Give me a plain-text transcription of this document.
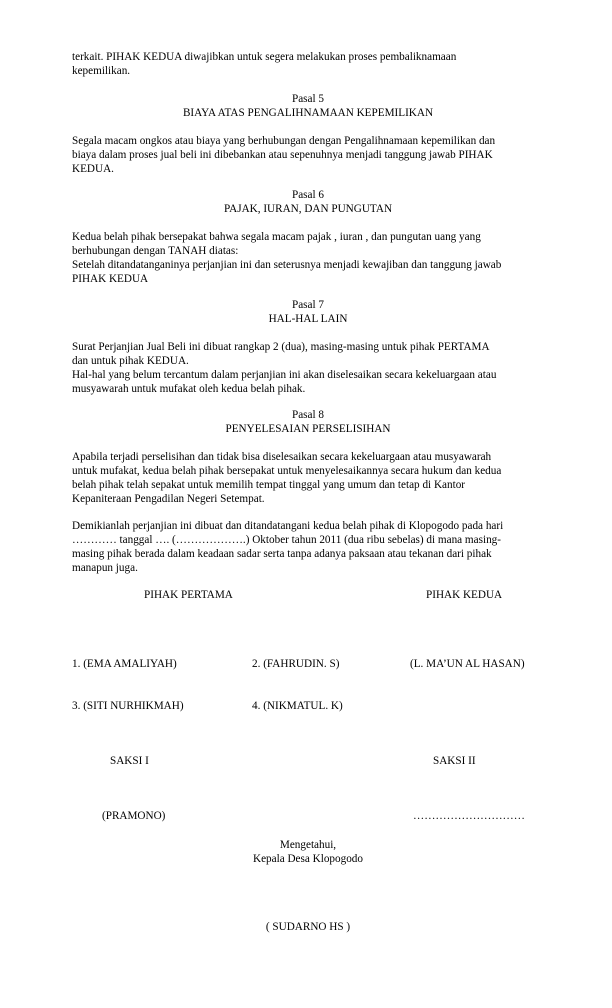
terkait. PIHAK KEDUA diwajibkan untuk segera melakukan proses pembaliknamaan
kepemilikan.

Pasal 5

BIAYA ATAS PENGALIHNAMAAN KEPEMILIKAN

Segala macam ongkos atau biaya yang berhubungan dengan Pengalihnamaan kepemilikan dan
biaya dalam proses jual beli ini dibebankan atau sepenuhnya menjadi tanggung jawab PIHAK
KEDUA.

Pasal 6

PAJAK, IURAN, DAN PUNGUTAN

Kedua belah pihak bersepakat bahwa segala macam pajak , iuran , dan pungutan uang yang
berhubungan dengan TANAH diatas:
Setelah ditandatanganinya perjanjian ini dan seterusnya menjadi kewajiban dan tanggung jawab
PIHAK KEDUA

Pasal 7

HAL-HAL LAIN

Surat Perjanjian Jual Beli ini dibuat rangkap 2 (dua), masing-masing untuk pihak PERTAMA
dan untuk pihak KEDUA.
Hal-hal yang belum tercantum dalam perjanjian ini akan diselesaikan secara kekeluargaan atau
musyawarah untuk mufakat oleh kedua belah pihak.

Pasal 8

PENYELESAIAN PERSELISIHAN

Apabila terjadi perselisihan dan tidak bisa diselesaikan secara kekeluargaan atau musyawarah
untuk mufakat, kedua belah pihak bersepakat untuk menyelesaikannya secara hukum dan kedua
belah pihak telah sepakat untuk memilih tempat tinggal yang umum dan tetap di Kantor
Kepaniteraan Pengadilan Negeri Setempat.

Demikianlah perjanjian ini dibuat dan ditandatangani kedua belah pihak di Klopogodo pada hari
………… tanggal …. (……………….) Oktober tahun 2011 (dua ribu sebelas) di mana masing-
masing pihak berada dalam keadaan sadar serta tanpa adanya paksaan atau tekanan dari pihak
manapun juga.

PIHAK PERTAMA	PIHAK KEDUA

1. (EMA AMALIYAH)	2. (FAHRUDIN. S)	(L. MA’UN AL HASAN)

3. (SITI NURHIKMAH)	4. (NIKMATUL. K)

SAKSI I	SAKSI II

(PRAMONO)	…………………………

Mengetahui,

Kepala Desa Klopogodo

( SUDARNO HS )
